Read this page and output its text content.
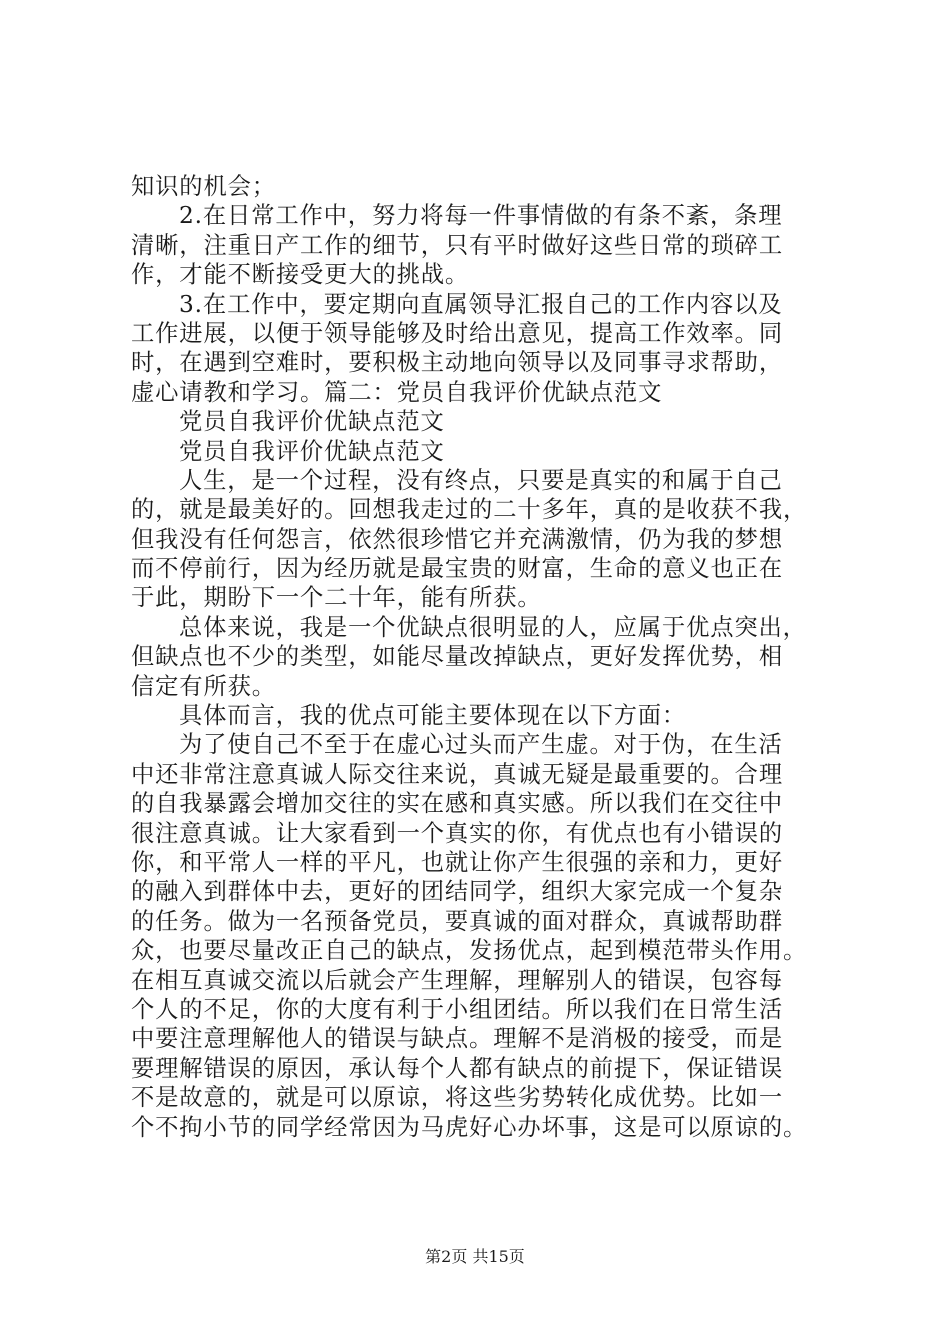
知识的机会；
2.在日常工作中，努力将每一件事情做的有条不紊，条理
清晰，注重日产工作的细节，只有平时做好这些日常的琐碎工
作，才能不断接受更大的挑战。
3.在工作中，要定期向直属领导汇报自己的工作内容以及
工作进展，以便于领导能够及时给出意见，提高工作效率。同
时，在遇到空难时，要积极主动地向领导以及同事寻求帮助，
虚心请教和学习。篇二：党员自我评价优缺点范文
党员自我评价优缺点范文
党员自我评价优缺点范文
人生，是一个过程，没有终点，只要是真实的和属于自己
的，就是最美好的。回想我走过的二十多年，真的是收获不我，
但我没有任何怨言，依然很珍惜它并充满激情，仍为我的梦想
而不停前行，因为经历就是最宝贵的财富，生命的意义也正在
于此，期盼下一个二十年，能有所获。
总体来说，我是一个优缺点很明显的人，应属于优点突出，
但缺点也不少的类型，如能尽量改掉缺点，更好发挥优势，相
信定有所获。
具体而言，我的优点可能主要体现在以下方面：
为了使自己不至于在虚心过头而产生虚。对于伪，在生活
中还非常注意真诚人际交往来说，真诚无疑是最重要的。合理
的自我暴露会增加交往的实在感和真实感。所以我们在交往中
很注意真诚。让大家看到一个真实的你，有优点也有小错误的
你，和平常人一样的平凡，也就让你产生很强的亲和力，更好
的融入到群体中去，更好的团结同学，组织大家完成一个复杂
的任务。做为一名预备党员，要真诚的面对群众，真诚帮助群
众，也要尽量改正自己的缺点，发扬优点，起到模范带头作用。
在相互真诚交流以后就会产生理解，理解别人的错误，包容每
个人的不足，你的大度有利于小组团结。所以我们在日常生活
中要注意理解他人的错误与缺点。理解不是消极的接受，而是
要理解错误的原因，承认每个人都有缺点的前提下，保证错误
不是故意的，就是可以原谅，将这些劣势转化成优势。比如一
个不拘小节的同学经常因为马虎好心办坏事，这是可以原谅的。
第2页 共15页
